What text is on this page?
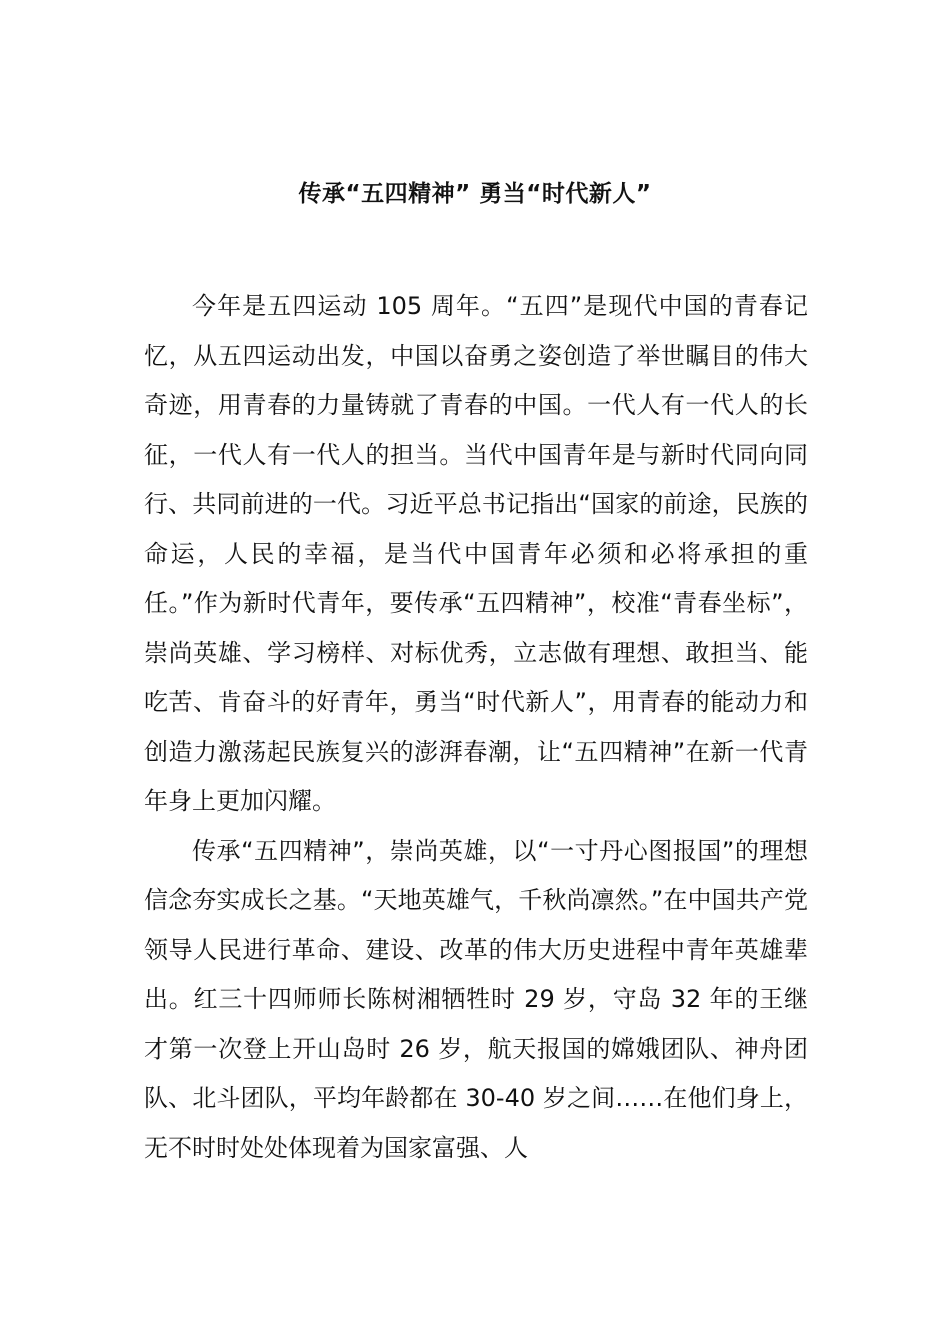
传承“五四精神” 勇当“时代新人”

今年是五四运动 105 周年。“五四”是现代中国的青春记忆，从五四运动出发，中国以奋勇之姿创造了举世瞩目的伟大奇迹，用青春的力量铸就了青春的中国。一代人有一代人的长征，一代人有一代人的担当。当代中国青年是与新时代同向同行、共同前进的一代。习近平总书记指出“国家的前途，民族的命运，人民的幸福，是当代中国青年必须和必将承担的重任。”作为新时代青年，要传承“五四精神”，校准“青春坐标”，崇尚英雄、学习榜样、对标优秀，立志做有理想、敢担当、能吃苦、肯奋斗的好青年，勇当“时代新人”，用青春的能动力和创造力激荡起民族复兴的澎湃春潮，让“五四精神”在新一代青年身上更加闪耀。

传承“五四精神”，崇尚英雄，以“一寸丹心图报国”的理想信念夯实成长之基。“天地英雄气，千秋尚凛然。”在中国共产党领导人民进行革命、建设、改革的伟大历史进程中青年英雄辈出。红三十四师师长陈树湘牺牲时 29 岁，守岛 32 年的王继才第一次登上开山岛时 26 岁，航天报国的嫦娥团队、神舟团队、北斗团队，平均年龄都在 30-40 岁之间……在他们身上，无不时时处处体现着为国家富强、人
